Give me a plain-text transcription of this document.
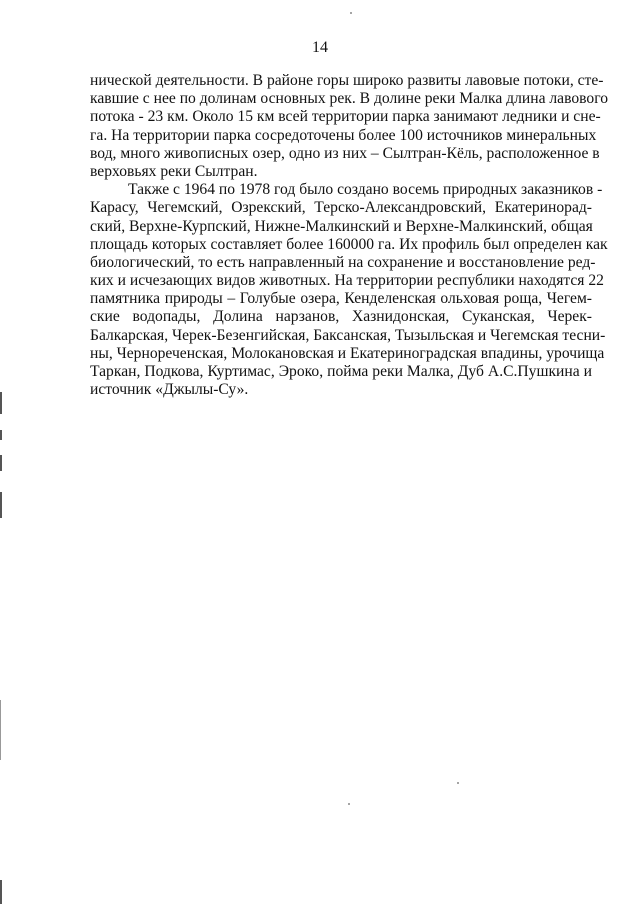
14
нической деятельности. В районе горы широко развиты лавовые потоки, сте-
кавшие с нее по долинам основных рек. В долине реки Малка длина лавового
потока - 23 км. Около 15 км всей территории парка занимают ледники и сне-
га. На территории парка сосредоточены более 100 источников минеральных
вод, много живописных озер, одно из них – Сылтран-Кёль, расположенное в
верховьях реки Сылтран.
Также с 1964 по 1978 год было создано восемь природных заказников -
Карасу, Чегемский, Озрекский, Терско-Александровский, Екатеринорад-
ский, Верхне-Курпский, Нижне-Малкинский и Верхне-Малкинский, общая
площадь которых составляет более 160000 га. Их профиль был определен как
биологический, то есть направленный на сохранение и восстановление ред-
ких и исчезающих видов животных. На территории республики находятся 22
памятника природы – Голубые озера, Кенделенская ольховая роща, Чегем-
ские водопады, Долина нарзанов, Хазнидонская, Суканская, Черек-
Балкарская, Черек-Безенгийская, Баксанская, Тызыльская и Чегемская тесни-
ны, Чернореченская, Молокановская и Екатериноградская впадины, урочища
Таркан, Подкова, Куртимас, Эроко, пойма реки Малка, Дуб А.С.Пушкина и
источник «Джылы-Су».
